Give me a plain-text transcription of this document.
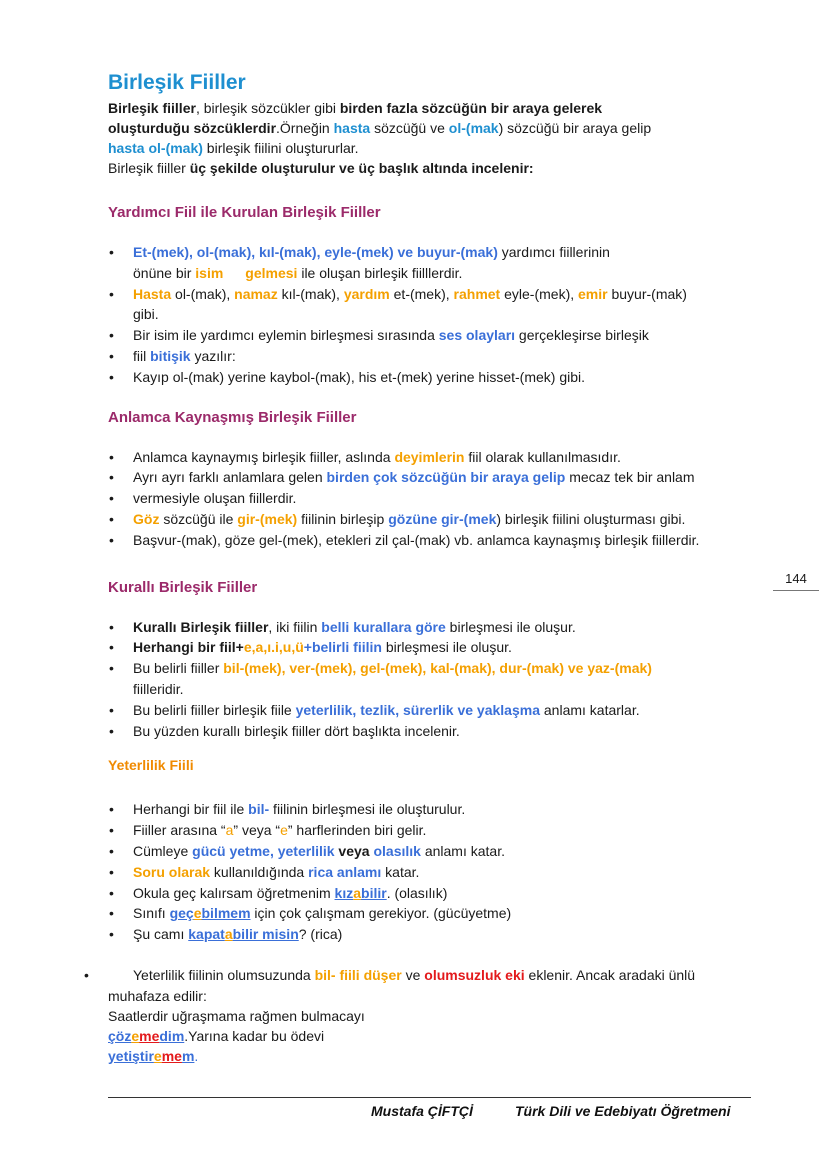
Birleşik Fiiller

Birleşik fiiller, birleşik sözcükler gibi birden fazla sözcüğün bir araya gelerek

oluşturduğu sözcüklerdir.Örneğin hasta sözcüğü ve ol-(mak) sözcüğü bir araya gelip

hasta ol-(mak) birleşik fiilini oluştururlar.

Birleşik fiiller üç şekilde oluşturulur ve üç başlık altında incelenir:

Yardımcı Fiil ile Kurulan Birleşik Fiiller
• Et-(mek), ol-(mak), kıl-(mak), eyle-(mek) ve buyur-(mak) yardımcı fiillerinin
önüne bir isim gelmesi ile oluşan birleşik fiilllerdir.
• Hasta ol-(mak), namaz kıl-(mak), yardım et-(mek), rahmet eyle-(mek), emir buyur-(mak)
gibi.
• Bir isim ile yardımcı eylemin birleşmesi sırasında ses olayları gerçekleşirse birleşik
• fiil bitişik yazılır:
• Kayıp ol-(mak) yerine kaybol-(mak), his et-(mek) yerine hisset-(mek) gibi.
Anlamca Kaynaşmış Birleşik Fiiller
• Anlamca kaynaymış birleşik fiiller, aslında deyimlerin fiil olarak kullanılmasıdır.
• Ayrı ayrı farklı anlamlara gelen birden çok sözcüğün bir araya gelip mecaz tek bir anlam
• vermesiyle oluşan fiillerdir.
• Göz sözcüğü ile gir-(mek) fiilinin birleşip gözüne gir-(mek) birleşik fiilini oluşturması gibi.
• Başvur-(mak), göze gel-(mek), etekleri zil çal-(mak) vb. anlamca kaynaşmış birleşik fiillerdir.
Kurallı Birleşik Fiiller
• Kurallı Birleşik fiiller, iki fiilin belli kurallara göre birleşmesi ile oluşur.
• Herhangi bir fiil+e,a,ı.i,u,ü+belirli fiilin birleşmesi ile oluşur.
• Bu belirli fiiller bil-(mek), ver-(mek), gel-(mek), kal-(mak), dur-(mak) ve yaz-(mak)
fiilleridir.
• Bu belirli fiiller birleşik fiile yeterlilik, tezlik, sürerlik ve yaklaşma anlamı katarlar.
• Bu yüzden kurallı birleşik fiiller dört başlıkta incelenir.
Yeterlilik Fiili
• Herhangi bir fiil ile bil- fiilinin birleşmesi ile oluşturulur.
• Fiiller arasına “a” veya “e” harflerinden biri gelir.
• Cümleye gücü yetme, yeterlilik veya olasılık anlamı katar.
• Soru olarak kullanıldığında rica anlamı katar.
• Okula geç kalırsam öğretmenim kızabilir. (olasılık)
• Sınıfı geçebilmem için çok çalışmam gerekiyor. (gücüyetme)
• Şu camı kapatabilir misin? (rica)
• Yeterlilik fiilinin olumsuzunda bil- fiili düşer ve olumsuzluk eki eklenir. Ancak aradaki ünlü

muhafaza edilir:

Saatlerdir uğraşmama rağmen bulmacayı

çözemedim.Yarına kadar bu ödevi

yetiştiremem.

144
Mustafa ÇİFTÇİ	Türk Dili ve Edebiyatı Öğretmeni
